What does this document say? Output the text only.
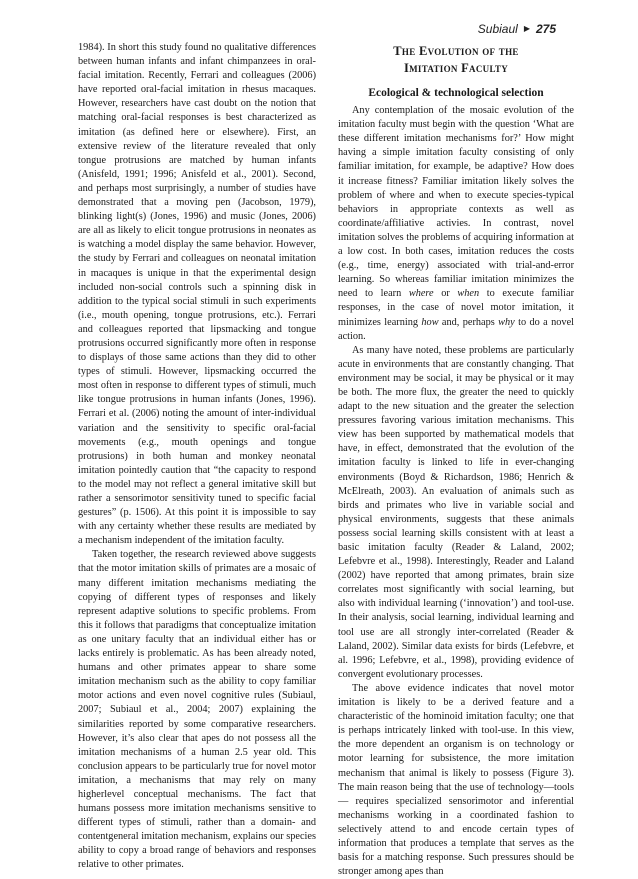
Subiaul ▶ 275

1984). In short this study found no qualitative differences between human infants and infant chimpanzees in oral-facial imitation. Recently, Ferrari and colleagues (2006) have reported oral-facial imitation in rhesus macaques. However, researchers have cast doubt on the notion that matching oral-facial responses is best characterized as imitation (as defined here or elsewhere). First, an extensive review of the literature revealed that only tongue protrusions are matched by human infants (Anisfeld, 1991; 1996; Anisfeld et al., 2001). Second, and perhaps most surprisingly, a number of studies have demonstrated that a moving pen (Jacobson, 1979), blinking light(s) (Jones, 1996) and music (Jones, 2006) are all as likely to elicit tongue protrusions in neonates as is watching a model display the same behavior. However, the study by Ferrari and colleagues on neonatal imitation in macaques is unique in that the experimental design included non-social controls such a spinning disk in addition to the typical social stimuli in such experiments (i.e., mouth opening, tongue protrusions, etc.). Ferrari and colleagues reported that lipsmacking and tongue protrusions occurred significantly more often in response to displays of those same actions than they did to other types of stimuli. However, lipsmacking occurred the most often in response to different types of stimuli, much like tongue protrusions in human infants (Jones, 1996). Ferrari et al. (2006) noting the amount of inter-individual variation and the sensitivity to specific oral-facial movements (e.g., mouth openings and tongue protrusions) in both human and monkey neonatal imitation pointedly caution that “the capacity to respond to the model may not reflect a general imitative skill but rather a sensorimotor sensitivity tuned to specific facial gestures” (p. 1506). At this point it is impossible to say with any certainty whether these results are mediated by a mechanism independent of the imitation faculty.

Taken together, the research reviewed above suggests that the motor imitation skills of primates are a mosaic of many different imitation mechanisms mediating the copying of different types of responses and likely represent adaptive solutions to specific problems. From this it follows that paradigms that conceptualize imitation as one unitary faculty that an individual either has or lacks entirely is problematic. As has been already noted, humans and other primates appear to share some imitation mechanism such as the ability to copy familiar motor actions and even novel cognitive rules (Subiaul, 2007; Subiaul et al., 2004; 2007) explaining the similarities reported by some comparative researchers. However, it’s also clear that apes do not possess all the imitation mechanisms of a human 2.5 year old. This conclusion appears to be particularly true for novel motor imitation, a mechanisms that may rely on many higherlevel conceptual mechanisms. The fact that humans possess more imitation mechanisms sensitive to different types of stimuli, rather than a domain- and contentgeneral imitation mechanism, explains our species ability to copy a broad range of behaviors and responses relative to other primates.

The Evolution of the
Imitation Faculty
Ecological & technological selection

Any contemplation of the mosaic evolution of the imitation faculty must begin with the question ‘What are these different imitation mechanisms for?’ How might having a simple imitation faculty consisting of only familiar imitation, for example, be adaptive? How does it increase fitness? Familiar imitation likely solves the problem of where and when to execute species-typical behaviors in appropriate contexts as well as coordinate/affiliative activies. In contrast, novel imitation solves the problems of acquiring information at a low cost. In both cases, imitation reduces the costs (e.g., time, energy) associated with trial-and-error learning. So whereas familiar imitation minimizes the need to learn where or when to execute familiar responses, in the case of novel motor imitation, it minimizes learning how and, perhaps why to do a novel action.

As many have noted, these problems are particularly acute in environments that are constantly changing. That environment may be social, it may be physical or it may be both. The more flux, the greater the need to quickly adapt to the new situation and the greater the selection pressures favoring various imitation mechanisms. This view has been supported by mathematical models that have, in effect, demonstrated that the evolution of the imitation faculty is linked to life in ever-changing environments (Boyd & Richardson, 1986; Henrich & McElreath, 2003). An evaluation of animals such as birds and primates who live in variable social and physical environments, suggests that these animals possess social learning skills consistent with at least a basic imitation faculty (Reader & Laland, 2002; Lefebvre et al., 1998). Interestingly, Reader and Laland (2002) have reported that among primates, brain size correlates most significantly with social learning, but also with individual learning (‘innovation’) and tool-use. In their analysis, social learning, individual learning and tool use are all strongly inter-correlated (Reader & Laland, 2002). Similar data exists for birds (Lefebvre, et al. 1996; Lefebvre, et al., 1998), providing evidence of convergent evolutionary processes.

The above evidence indicates that novel motor imitation is likely to be a derived feature and a characteristic of the hominoid imitation faculty; one that is perhaps intricately linked with tool-use. In this view, the more dependent an organism is on technology or motor learning for subsistence, the more imitation mechanism that animal is likely to possess (Figure 3). The main reason being that the use of technology—tools— requires specialized sensorimotor and inferential mechanisms working in a coordinated fashion to selectively attend to and encode certain types of information that produces a template that serves as the basis for a matching response. Such pressures should be stronger among apes than
